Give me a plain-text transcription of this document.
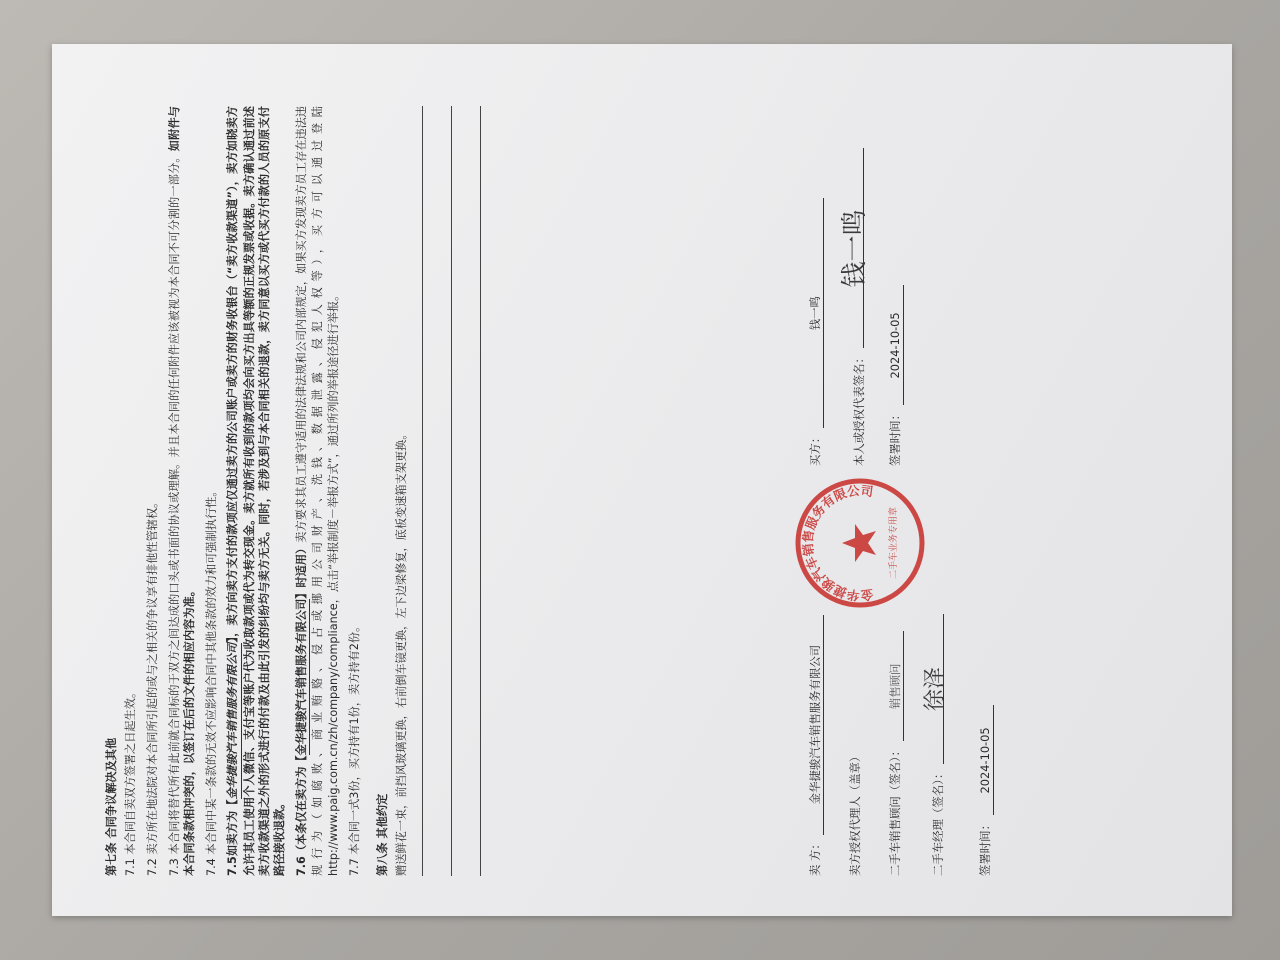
第七条 合同争议解决及其他 7.1 本合同自卖双方签署之日起生效。 7.2 卖方所在地法院对本合同所引起的或与之相关的争议享有排他性管辖权。 7.3 本合同将替代所有此前就合同标的于双方之间达成的口头或书面的协议或理解。并且本合同的任何附件应该被视为本合同不可分割的一部分。如附件与本合同条款相冲突的，以签订在后的文件的相应内容为准。 7.4 本合同中某一条款的无效不应影响合同中其他条款的效力和可强制执行性。 7.5如卖方为【金华捷骏汽车销售服务有限公司】，卖方向卖方支付的款项应仅通过卖方的公司账户或卖方的财务收银台（“卖方收款渠道”），卖方如晓卖方允许其员工使用个人微信、支付宝等账户代为收取款项或代为转交现金。卖方就所有收到的款项均会向买方出具等额的正规发票或收据。卖方确认通过前述卖方收款渠道之外的形式进行的付款及由此引发的纠纷均与卖方无关。同时，若涉及到与本合同相关的退款，卖方同意以买方或代买方付款的人员的原支付路径接收退款。 7.6（本条仅在卖方为【金华捷骏汽车销售服务有限公司】时适用）卖方要求其员工遵守适用的法律法规和公司内部规定，如果买方发现卖方员工存在违法违规行为（如腐败、商业贿赂、侵占或挪用公司财产、洗钱、数据泄露、侵犯人权等），买方可以通过登陆http://www.paig.com.cn/zh/company/compliance，点击“举报制度－举报方式”，通过所列的举报途径进行举报。 7.7 本合同一式3份，买方持有1份，卖方持有2份。 第八条 其他约定 赠送鲜花一束，前挡风玻璃更换，右前倒车镜更换，左下边梁修复，底板变速箱支架更换。	卖 方： 金华捷骏汽车销售服务有限公司
卖方授权代理人（盖章） 二手车销售顾问（签名）： 销售顾问
二手车经理（签名）： 徐泽
签署时间： 2024-10-05
金华捷骏汽车销售服务有限公司
二手车业务专用章
买方： 钱一鸣
本人或授权代表签名： 钱一鸣
签署时间： 2024-10-05
